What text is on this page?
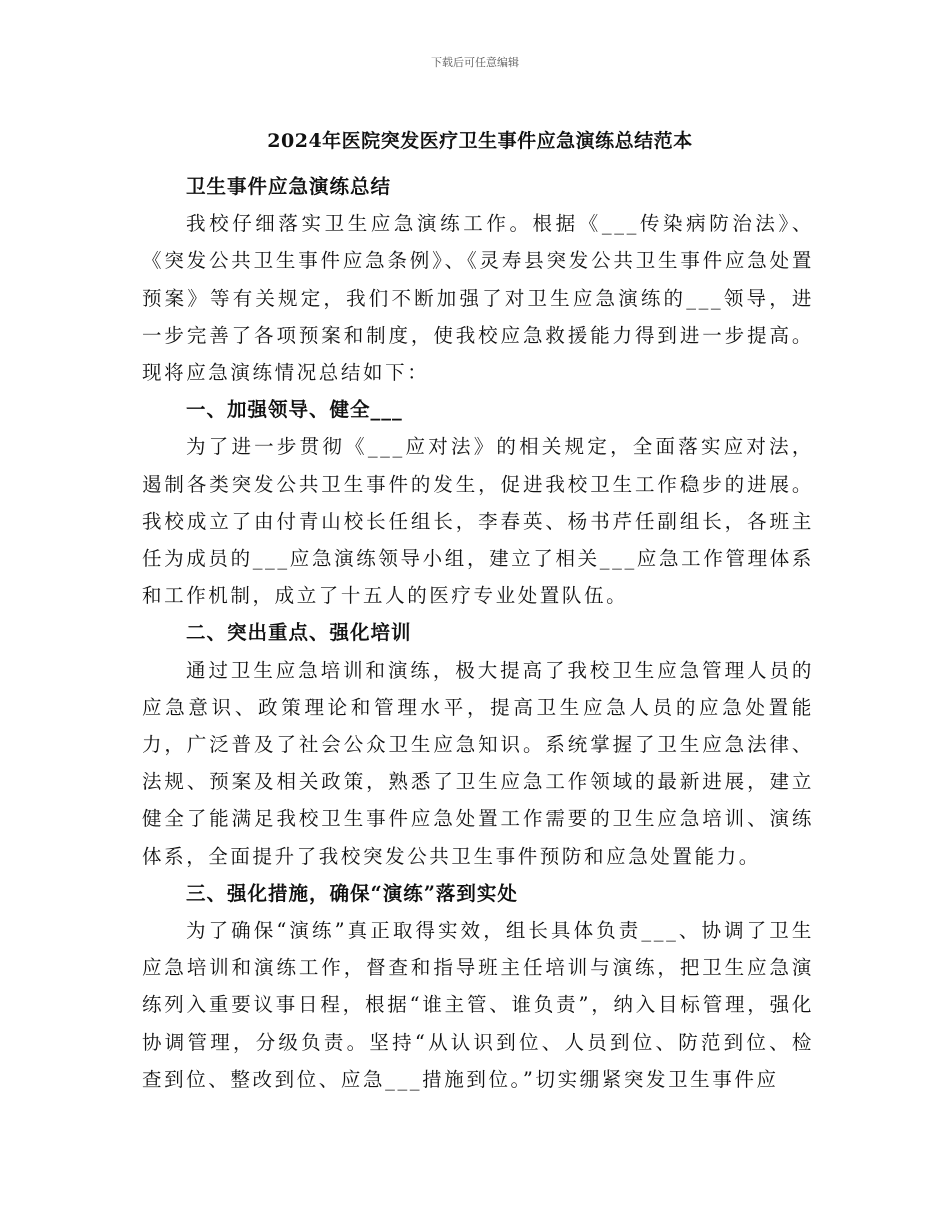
下载后可任意编辑
2024年医院突发医疗卫生事件应急演练总结范本

卫生事件应急演练总结

我校仔细落实卫生应急演练工作。根据《___传染病防治法》、《突发公共卫生事件应急条例》、《灵寿县突发公共卫生事件应急处置预案》等有关规定，我们不断加强了对卫生应急演练的___领导，进一步完善了各项预案和制度，使我校应急救援能力得到进一步提高。现将应急演练情况总结如下：

一、加强领导、健全___

为了进一步贯彻《___应对法》的相关规定，全面落实应对法，遏制各类突发公共卫生事件的发生，促进我校卫生工作稳步的进展。我校成立了由付青山校长任组长，李春英、杨书芹任副组长，各班主任为成员的___应急演练领导小组，建立了相关___应急工作管理体系和工作机制，成立了十五人的医疗专业处置队伍。

二、突出重点、强化培训

通过卫生应急培训和演练，极大提高了我校卫生应急管理人员的应急意识、政策理论和管理水平，提高卫生应急人员的应急处置能力，广泛普及了社会公众卫生应急知识。系统掌握了卫生应急法律、法规、预案及相关政策，熟悉了卫生应急工作领域的最新进展，建立健全了能满足我校卫生事件应急处置工作需要的卫生应急培训、演练体系，全面提升了我校突发公共卫生事件预防和应急处置能力。

三、强化措施，确保“演练”落到实处

为了确保“演练”真正取得实效，组长具体负责___、协调了卫生应急培训和演练工作，督查和指导班主任培训与演练，把卫生应急演练列入重要议事日程，根据“谁主管、谁负责”，纳入目标管理，强化协调管理，分级负责。坚持“从认识到位、人员到位、防范到位、检查到位、整改到位、应急___措施到位。”切实绷紧突发卫生事件应
